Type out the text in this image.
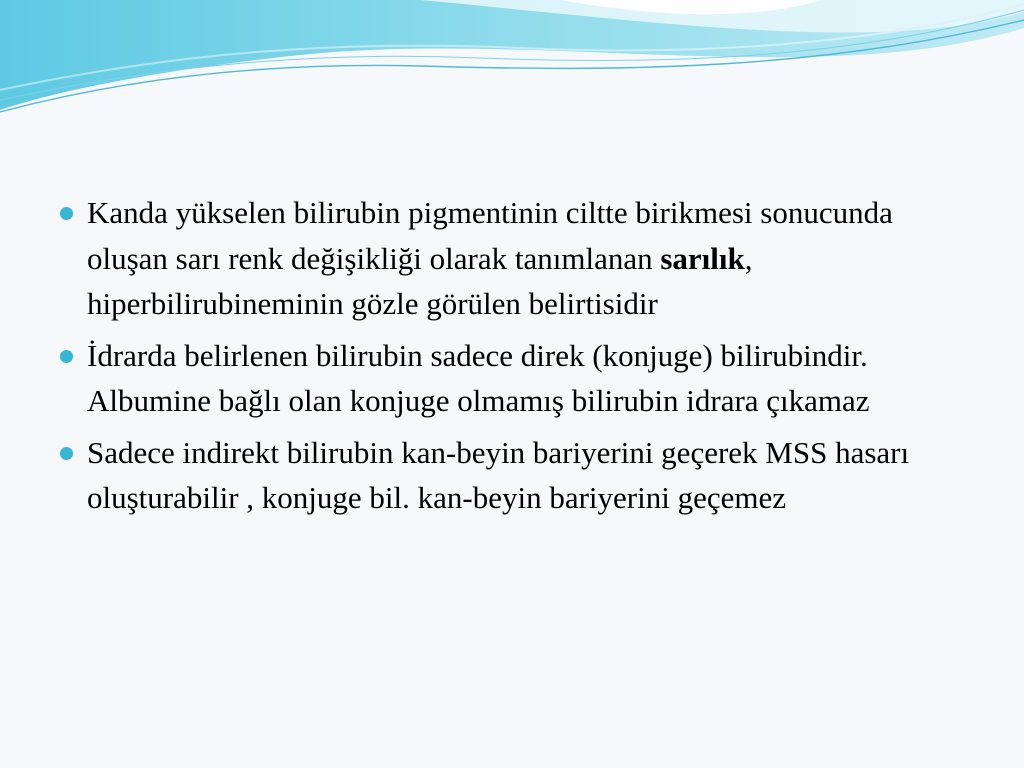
Kanda yükselen bilirubin pigmentinin ciltte birikmesi sonucunda oluşan sarı renk değişikliği olarak tanımlanan sarılık, hiperbilirubineminin gözle görülen belirtisidir
İdrarda belirlenen bilirubin sadece direk (konjuge) bilirubindir. Albumine bağlı olan konjuge olmamış bilirubin idrara çıkamaz
Sadece indirekt bilirubin kan-beyin bariyerini geçerek MSS hasarı oluşturabilir , konjuge bil. kan-beyin bariyerini geçemez
